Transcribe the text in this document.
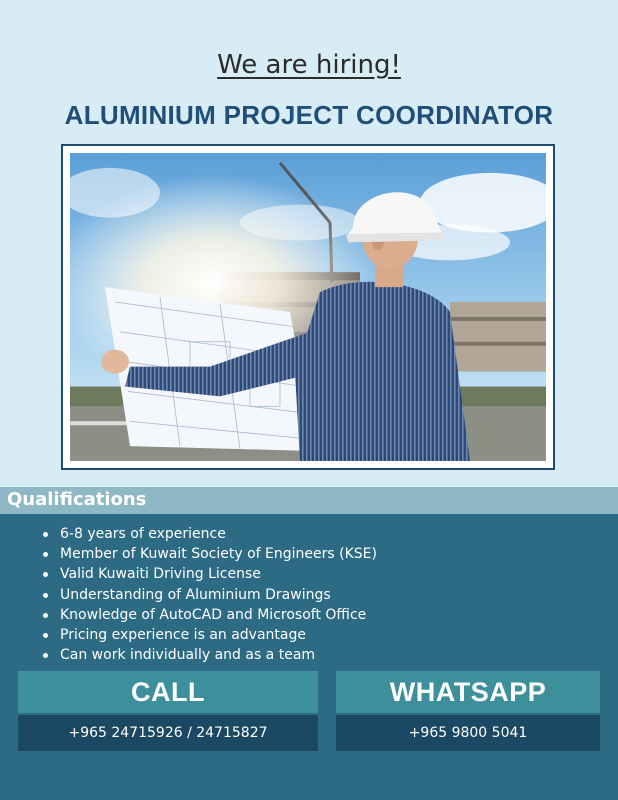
We are hiring!
ALUMINIUM PROJECT COORDINATOR
Qualifications
6-8 years of experience
Member of Kuwait Society of Engineers (KSE)
Valid Kuwaiti Driving License
Understanding of Aluminium Drawings
Knowledge of AutoCAD and Microsoft Office
Pricing experience is an advantage
Can work individually and as a team
CALL
+965 24715926 / 24715827
WHATSAPP
+965 9800 5041
